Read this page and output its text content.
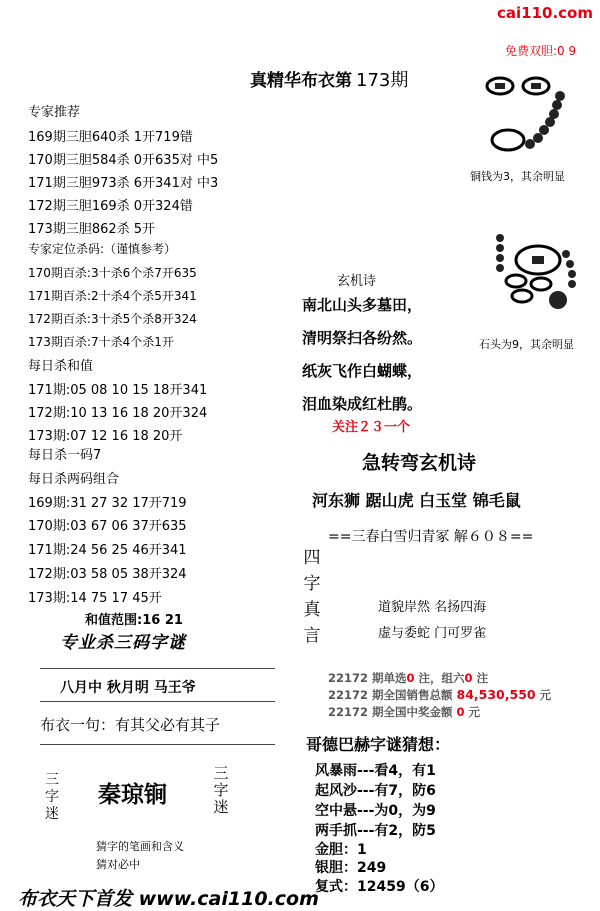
cai110.com
免费双胆:0 9
真精华布衣第 173期
专家推荐
169期三胆640杀 1开719错
170期三胆584杀 0开635对 中5
171期三胆973杀 6开341对 中3
172期三胆169杀 0开324错
173期三胆862杀 5开
专家定位杀码:（谨慎参考）
170期百杀:3十杀6个杀7开635
171期百杀:2十杀4个杀5开341
172期百杀:3十杀5个杀8开324
173期百杀:7十杀4个杀1开
每日杀和值
171期:05 08 10 15 18开341
172期:10 13 16 18 20开324
173期:07 12 16 18 20开
每日杀一码7
每日杀两码组合
169期:31 27 32 17开719
170期:03 67 06 37开635
171期:24 56 25 46开341
172期:03 58 05 38开324
173期:14 75 17 45开
和值范围:16 21
专业杀三码字谜
八月中 秋月明 马王爷
布衣一句：有其父必有其子
三字迷
秦琼锏
三字迷
猜字的笔画和含义
猜对必中
铜钱为3，其余明显
石头为9，其余明显
玄机诗
南北山头多墓田，
清明祭扫各纷然。
纸灰飞作白蝴蝶，
泪血染成红杜鹃。
关注２３一个
急转弯玄机诗
河东狮 踞山虎 白玉堂 锦毛鼠
==三春白雪归青冢 解６０８==
四字真言
道貌岸然 名扬四海
虚与委蛇 门可罗雀
22172 期单选0 注，组六0 注
22172 期全国销售总额 84,530,550 元
22172 期全国中奖金额 0 元
哥德巴赫字谜猜想：
风暴雨---看4，有1
起风沙---有7，防6
空中悬---为0，为9
两手抓---有2，防5
金胆：1
银胆：249
复式：12459（6）
布衣天下首发 www.cai110.com
